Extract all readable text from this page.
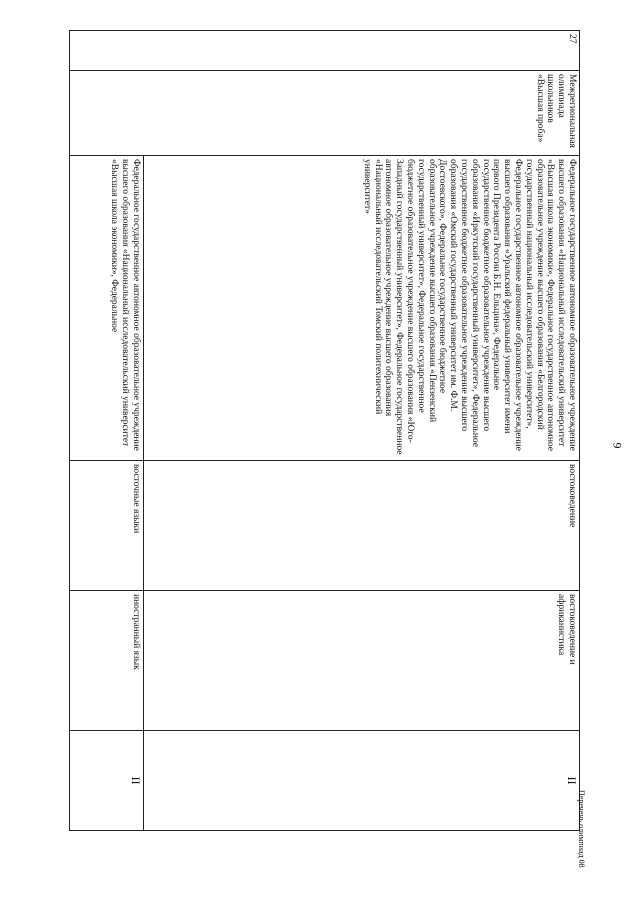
9
27	Межрегиональная олимпиада школьников «Высшая проба»	Федеральное государственное автономное образовательное учреждение высшего образования «Национальный исследовательский университет «Высшая школа экономики», Федеральное государственное автономное образовательное учреждение высшего образования «Белгородский государственный национальный исследовательский университет», Федеральное государственное автономное образовательное учреждение высшего образования «Уральский федеральный университет имени первого Президента России Б.Н. Ельцина», Федеральное государственное бюджетное образовательное учреждение высшего образования «Иркутский государственный университет», Федеральное государственное бюджетное образовательное учреждение высшего образования «Омский государственный университет им. Ф.М. Достоевского», Федеральное государственное бюджетное образовательное учреждение высшего образования «Пензенский государственный университет», Федеральное государственное бюджетное образовательное учреждение высшего образования «Юго-Западный государственный университет», Федеральное государственное автономное образовательное учреждение высшего образования «Национальный исследовательский Томский политехнический университет»	востоковедение	востоковедение и африканистика	II

		Федеральное государственное автономное образовательное учреждение высшего образования «Национальный исследовательский университет «Высшая школа экономики», Федеральное	восточные языки	иностранный язык	II
Перечень олимпиад 08
